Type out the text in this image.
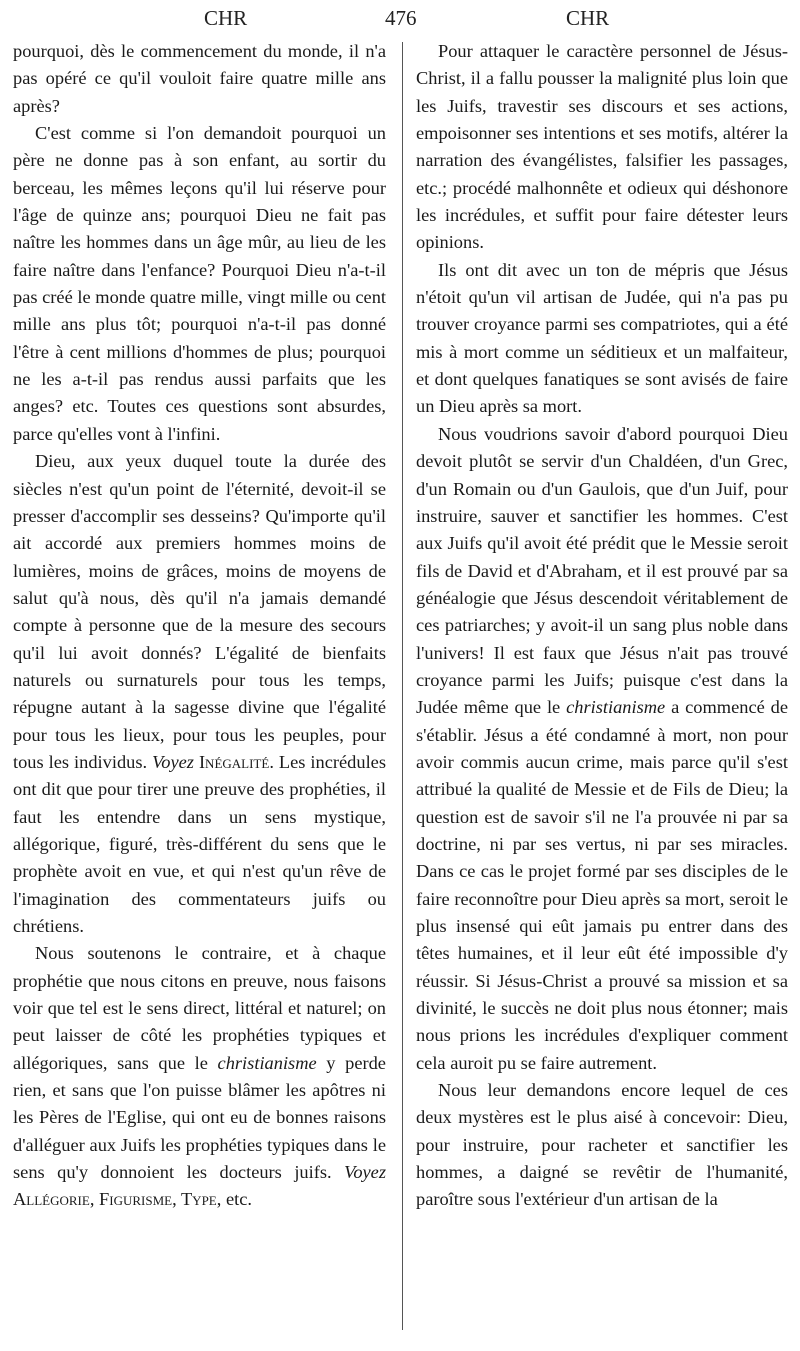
CHR	476	CHR

pourquoi, dès le commencement du monde, il n'a pas opéré ce qu'il vouloit faire quatre mille ans après?

C'est comme si l'on demandoit pourquoi un père ne donne pas à son enfant, au sortir du berceau, les mêmes leçons qu'il lui réserve pour l'âge de quinze ans; pourquoi Dieu ne fait pas naître les hommes dans un âge mûr, au lieu de les faire naître dans l'enfance? Pourquoi Dieu n'a-t-il pas créé le monde quatre mille, vingt mille ou cent mille ans plus tôt; pourquoi n'a-t-il pas donné l'être à cent millions d'hommes de plus; pourquoi ne les a-t-il pas rendus aussi parfaits que les anges? etc. Toutes ces questions sont absurdes, parce qu'elles vont à l'infini.

Dieu, aux yeux duquel toute la durée des siècles n'est qu'un point de l'éternité, devoit-il se presser d'accomplir ses desseins? Qu'importe qu'il ait accordé aux premiers hommes moins de lumières, moins de grâces, moins de moyens de salut qu'à nous, dès qu'il n'a jamais demandé compte à personne que de la mesure des secours qu'il lui avoit donnés? L'égalité de bienfaits naturels ou surnaturels pour tous les temps, répugne autant à la sagesse divine que l'égalité pour tous les lieux, pour tous les peuples, pour tous les individus. Voyez Inégalité. Les incrédules ont dit que pour tirer une preuve des prophéties, il faut les entendre dans un sens mystique, allégorique, figuré, très-différent du sens que le prophète avoit en vue, et qui n'est qu'un rêve de l'imagination des commentateurs juifs ou chrétiens.

Nous soutenons le contraire, et à chaque prophétie que nous citons en preuve, nous faisons voir que tel est le sens direct, littéral et naturel; on peut laisser de côté les prophéties typiques et allégoriques, sans que le christianisme y perde rien, et sans que l'on puisse blâmer les apôtres ni les Pères de l'Eglise, qui ont eu de bonnes raisons d'alléguer aux Juifs les prophéties typiques dans le sens qu'y donnoient les docteurs juifs. Voyez Allégorie, Figurisme, Type, etc.

Pour attaquer le caractère personnel de Jésus-Christ, il a fallu pousser la malignité plus loin que les Juifs, travestir ses discours et ses actions, empoisonner ses intentions et ses motifs, altérer la narration des évangélistes, falsifier les passages, etc.; procédé malhonnête et odieux qui déshonore les incrédules, et suffit pour faire détester leurs opinions.

Ils ont dit avec un ton de mépris que Jésus n'étoit qu'un vil artisan de Judée, qui n'a pas pu trouver croyance parmi ses compatriotes, qui a été mis à mort comme un séditieux et un malfaiteur, et dont quelques fanatiques se sont avisés de faire un Dieu après sa mort.

Nous voudrions savoir d'abord pourquoi Dieu devoit plutôt se servir d'un Chaldéen, d'un Grec, d'un Romain ou d'un Gaulois, que d'un Juif, pour instruire, sauver et sanctifier les hommes. C'est aux Juifs qu'il avoit été prédit que le Messie seroit fils de David et d'Abraham, et il est prouvé par sa généalogie que Jésus descendoit véritablement de ces patriarches; y avoit-il un sang plus noble dans l'univers! Il est faux que Jésus n'ait pas trouvé croyance parmi les Juifs; puisque c'est dans la Judée même que le christianisme a commencé de s'établir. Jésus a été condamné à mort, non pour avoir commis aucun crime, mais parce qu'il s'est attribué la qualité de Messie et de Fils de Dieu; la question est de savoir s'il ne l'a prouvée ni par sa doctrine, ni par ses vertus, ni par ses miracles. Dans ce cas le projet formé par ses disciples de le faire reconnoître pour Dieu après sa mort, seroit le plus insensé qui eût jamais pu entrer dans des têtes humaines, et il leur eût été impossible d'y réussir. Si Jésus-Christ a prouvé sa mission et sa divinité, le succès ne doit plus nous étonner; mais nous prions les incrédules d'expliquer comment cela auroit pu se faire autrement.

Nous leur demandons encore lequel de ces deux mystères est le plus aisé à concevoir: Dieu, pour instruire, pour racheter et sanctifier les hommes, a daigné se revêtir de l'humanité, paroître sous l'extérieur d'un artisan de la
